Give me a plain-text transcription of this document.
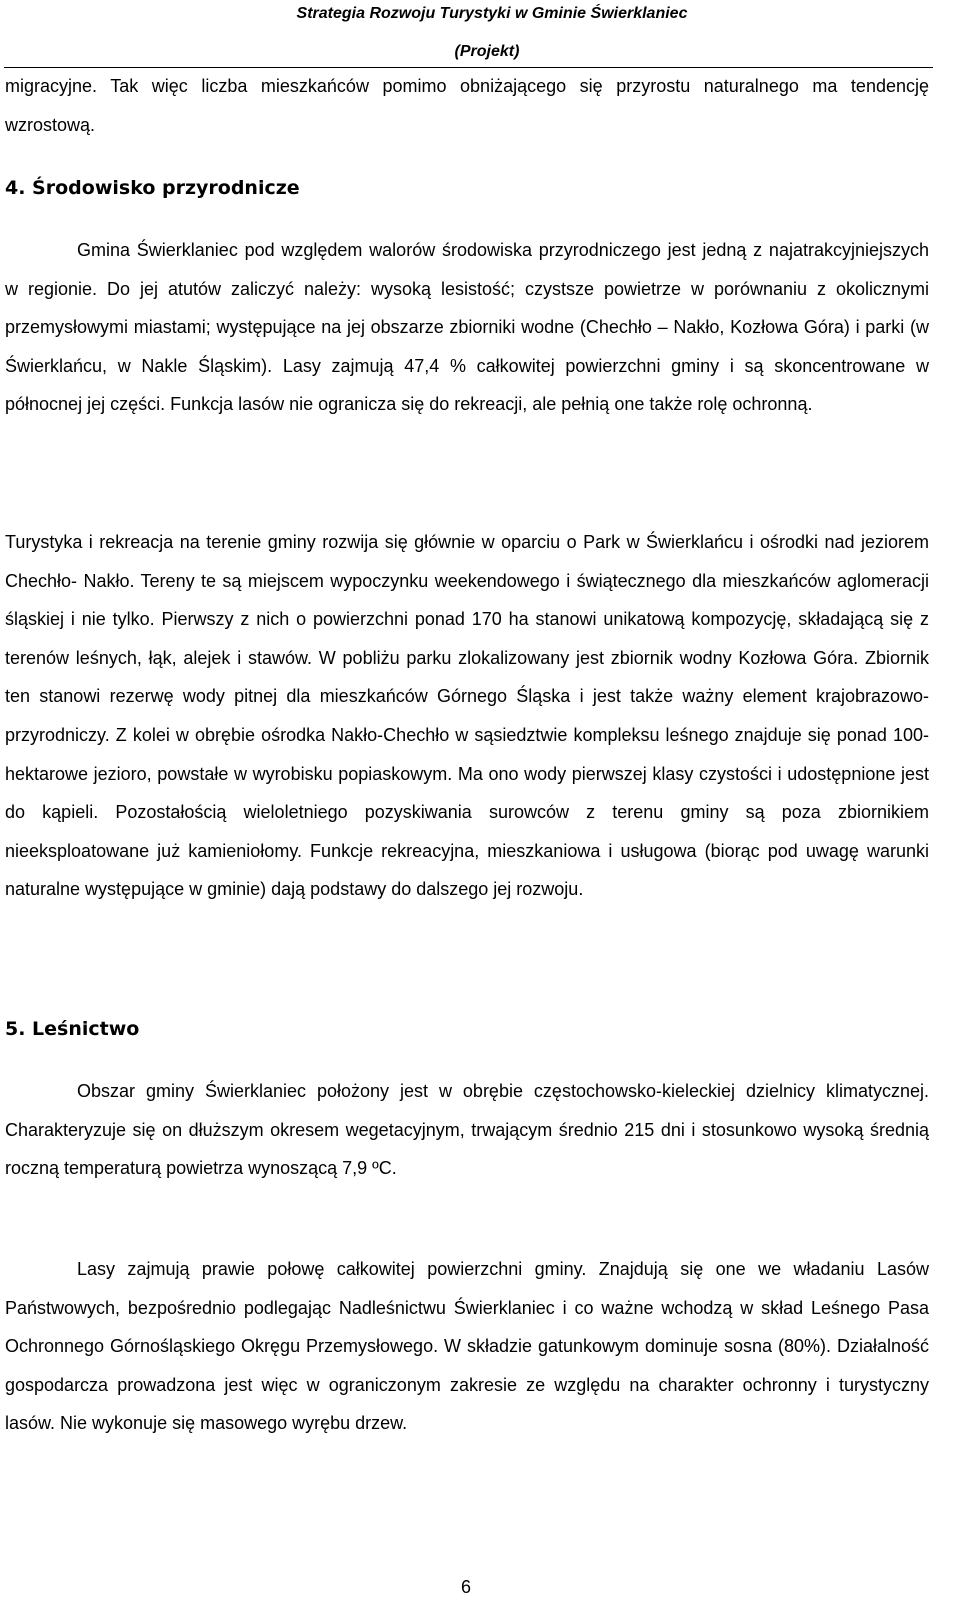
Strategia Rozwoju Turystyki w Gminie Świerklaniec
(Projekt)

migracyjne. Tak więc liczba mieszkańców pomimo obniżającego się przyrostu naturalnego ma tendencję wzrostową.

4. Środowisko przyrodnicze

Gmina Świerklaniec pod względem walorów środowiska przyrodniczego jest jedną z najatrakcyjniejszych w regionie. Do jej atutów zaliczyć należy: wysoką lesistość; czystsze powietrze w porównaniu z okolicznymi przemysłowymi miastami; występujące na jej obszarze zbiorniki wodne (Chechło – Nakło, Kozłowa Góra) i parki (w Świerklańcu, w Nakle Śląskim). Lasy zajmują 47,4 % całkowitej powierzchni gminy i są skoncentrowane w północnej jej części. Funkcja lasów nie ogranicza się do rekreacji, ale pełnią one także rolę ochronną.

Turystyka i rekreacja na terenie gminy rozwija się głównie w oparciu o Park w Świerklańcu i ośrodki nad jeziorem Chechło- Nakło. Tereny te są miejscem wypoczynku weekendowego i świątecznego dla mieszkańców aglomeracji śląskiej i nie tylko. Pierwszy z nich o powierzchni ponad 170 ha stanowi unikatową kompozycję, składającą się z terenów leśnych, łąk, alejek i stawów. W pobliżu parku zlokalizowany jest zbiornik wodny Kozłowa Góra. Zbiornik ten stanowi rezerwę wody pitnej dla mieszkańców Górnego Śląska i jest także ważny element krajobrazowo-przyrodniczy. Z kolei w obrębie ośrodka Nakło-Chechło w sąsiedztwie kompleksu leśnego znajduje się ponad 100-hektarowe jezioro, powstałe w wyrobisku popiaskowym. Ma ono wody pierwszej klasy czystości i udostępnione jest do kąpieli. Pozostałością wieloletniego pozyskiwania surowców z terenu gminy są poza zbiornikiem nieeksploatowane już kamieniołomy. Funkcje rekreacyjna, mieszkaniowa i usługowa (biorąc pod uwagę warunki naturalne występujące w gminie) dają podstawy do dalszego jej rozwoju.

5. Leśnictwo

Obszar gminy Świerklaniec położony jest w obrębie częstochowsko-kieleckiej dzielnicy klimatycznej. Charakteryzuje się on dłuższym okresem wegetacyjnym, trwającym średnio 215 dni i stosunkowo wysoką średnią roczną temperaturą powietrza wynoszącą 7,9 ºC.

Lasy zajmują prawie połowę całkowitej powierzchni gminy. Znajdują się one we władaniu Lasów Państwowych, bezpośrednio podlegając Nadleśnictwu Świerklaniec i co ważne wchodzą w skład Leśnego Pasa Ochronnego Górnośląskiego Okręgu Przemysłowego. W składzie gatunkowym dominuje sosna (80%). Działalność gospodarcza prowadzona jest więc w ograniczonym zakresie ze względu na charakter ochronny i turystyczny lasów. Nie wykonuje się masowego wyrębu drzew.

6
